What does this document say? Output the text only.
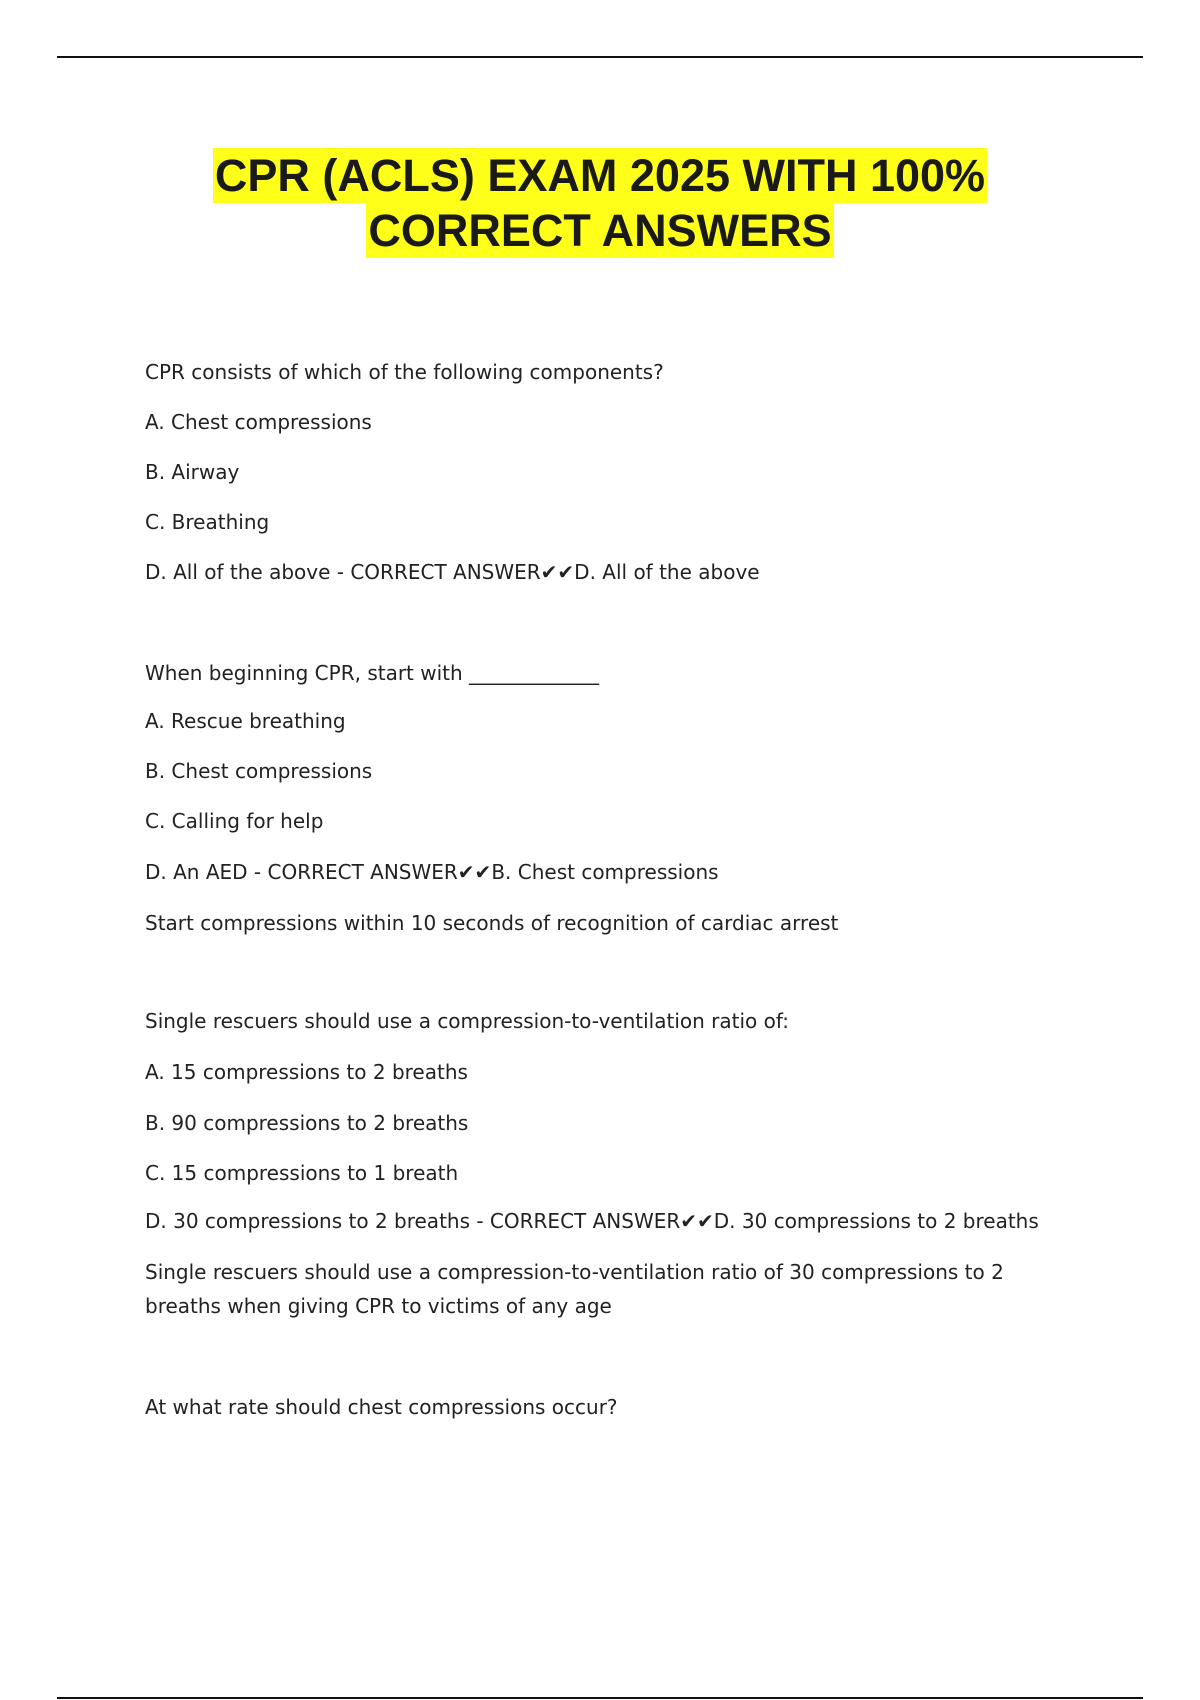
CPR (ACLS) EXAM 2025 WITH 100%
CORRECT ANSWERS
CPR consists of which of the following components?
A. Chest compressions
B. Airway
C. Breathing
D. All of the above - CORRECT ANSWER✔✔D. All of the above
When beginning CPR, start with _____________
A. Rescue breathing
B. Chest compressions
C. Calling for help
D. An AED - CORRECT ANSWER✔✔B. Chest compressions
Start compressions within 10 seconds of recognition of cardiac arrest
Single rescuers should use a compression-to-ventilation ratio of:
A. 15 compressions to 2 breaths
B. 90 compressions to 2 breaths
C. 15 compressions to 1 breath
D. 30 compressions to 2 breaths - CORRECT ANSWER✔✔D. 30 compressions to 2 breaths
Single rescuers should use a compression-to-ventilation ratio of 30 compressions to 2 breaths when giving CPR to victims of any age
At what rate should chest compressions occur?
